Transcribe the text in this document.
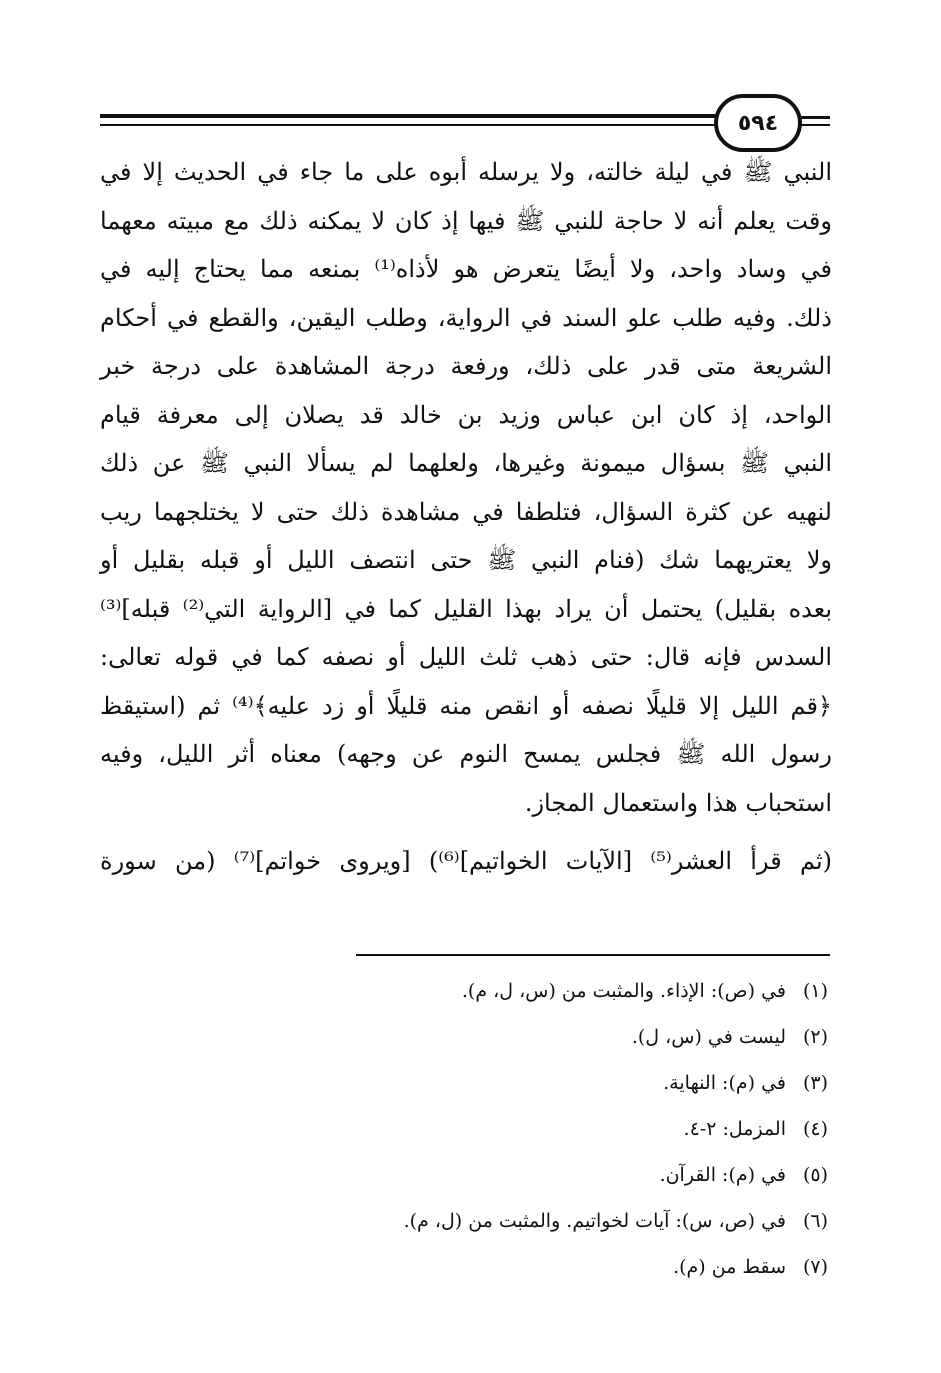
٥٩٤
النبي ﷺ في ليلة خالته، ولا يرسله أبوه على ما جاء في الحديث إلا في
وقت يعلم أنه لا حاجة للنبي ﷺ فيها إذ كان لا يمكنه ذلك مع مبيته معهما
في وساد واحد، ولا أيضًا يتعرض هو لأذاه⁽¹⁾ بمنعه مما يحتاج إليه في
ذلك. وفيه طلب علو السند في الرواية، وطلب اليقين، والقطع في أحكام
الشريعة متى قدر على ذلك، ورفعة درجة المشاهدة على درجة خبر
الواحد، إذ كان ابن عباس وزيد بن خالد قد يصلان إلى معرفة قيام
النبي ﷺ بسؤال ميمونة وغيرها، ولعلهما لم يسألا النبي ﷺ عن ذلك
لنهيه عن كثرة السؤال، فتلطفا في مشاهدة ذلك حتى لا يختلجهما ريب
ولا يعتريهما شك (فنام النبي ﷺ حتى انتصف الليل أو قبله بقليل أو
بعده بقليل) يحتمل أن يراد بهذا القليل كما في [الرواية التي⁽²⁾ قبله]⁽³⁾
السدس فإنه قال: حتى ذهب ثلث الليل أو نصفه كما في قوله تعالى:
﴿قم الليل إلا قليلًا نصفه أو انقص منه قليلًا أو زد عليه﴾⁽⁴⁾ ثم (استيقظ
رسول الله ﷺ فجلس يمسح النوم عن وجهه) معناه أثر الليل، وفيه
استحباب هذا واستعمال المجاز.
(ثم قرأ العشر⁽⁵⁾ [الآيات الخواتيم]⁽⁶⁾) [ويروى خواتم]⁽⁷⁾ (من سورة
(١)في (ص): الإذاء. والمثبت من (س، ل، م).
(٢)ليست في (س، ل).
(٣)في (م): النهاية.
(٤)المزمل: ٢-٤.
(٥)في (م): القرآن.
(٦)في (ص، س): آيات لخواتيم. والمثبت من (ل، م).
(٧)سقط من (م).
